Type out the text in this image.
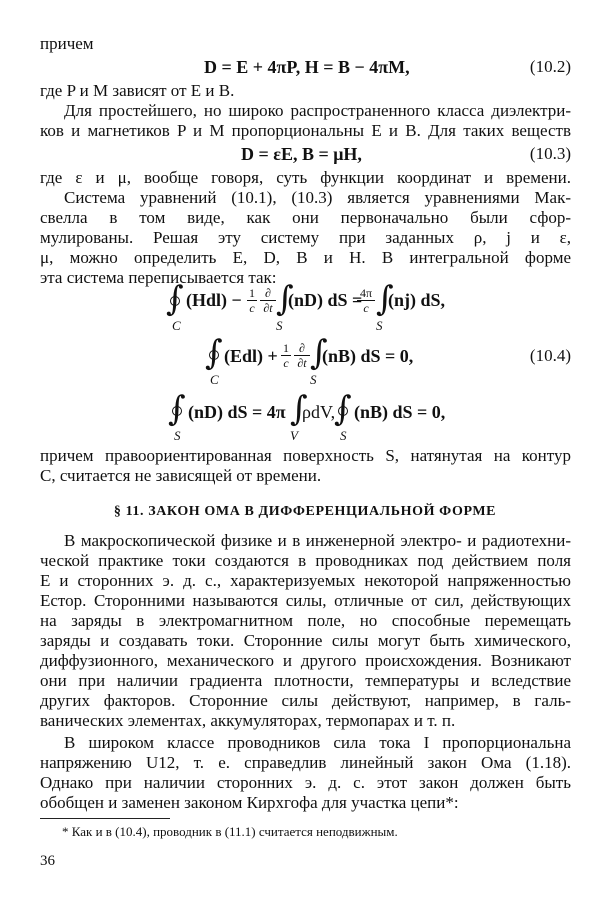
причем
D = E + 4πP, H = B − 4πM,	(10.2)
где P и M зависят от E и B.
Для простейшего, но широко распространенного класса диэлектри-
ков и магнетиков P и M пропорциональны E и B. Для таких веществ
D = εE, B = μH,	(10.3)
где ε и μ, вообще говоря, суть функции координат и времени.
Система уравнений (10.1), (10.3) является уравнениями Мак-
свелла в том виде, как они первоначально были сфор-
мулированы. Решая эту систему при заданных ρ, j и ε,
μ, можно определить E, D, B и H. В интегральной форме
эта система переписывается так:
∫
C
(Hdl) − 1
c
∂
∂t ∫
S
(nD) dS =
4π
c ∫
S
(nj) dS,
∫
C
(Edl) + 1
c
∂
∂t ∫
S
(nB) dS = 0,	(10.4)
∫
S
(nD) dS = 4π ∫
V
ρdV,
∫
S
(nB) dS = 0,
причем правоориентированная поверхность S, натянутая на контур
C, считается не зависящей от времени.
§ 11. ЗАКОН ОМА В ДИФФЕРЕНЦИАЛЬНОЙ ФОРМЕ
В макроскопической физике и в инженерной электро- и радиотехни-
ческой практике токи создаются в проводниках под действием поля
E и сторонних э. д. с., характеризуемых некоторой напряженностью
Eстор. Сторонними называются силы, отличные от сил, действующих
на заряды в электромагнитном поле, но способные перемещать
заряды и создавать токи. Сторонние силы могут быть химического,
диффузионного, механического и другого происхождения. Возникают
они при наличии градиента плотности, температуры и вследствие
других факторов. Сторонние силы действуют, например, в галь-
ванических элементах, аккумуляторах, термопарах и т. п.
В широком классе проводников сила тока I пропорциональна
напряжению U12, т. е. справедлив линейный закон Ома (1.18).
Однако при наличии сторонних э. д. с. этот закон должен быть
обобщен и заменен законом Кирхгофа для участка цепи*:
* Как и в (10.4), проводник в (11.1) считается неподвижным.
36
